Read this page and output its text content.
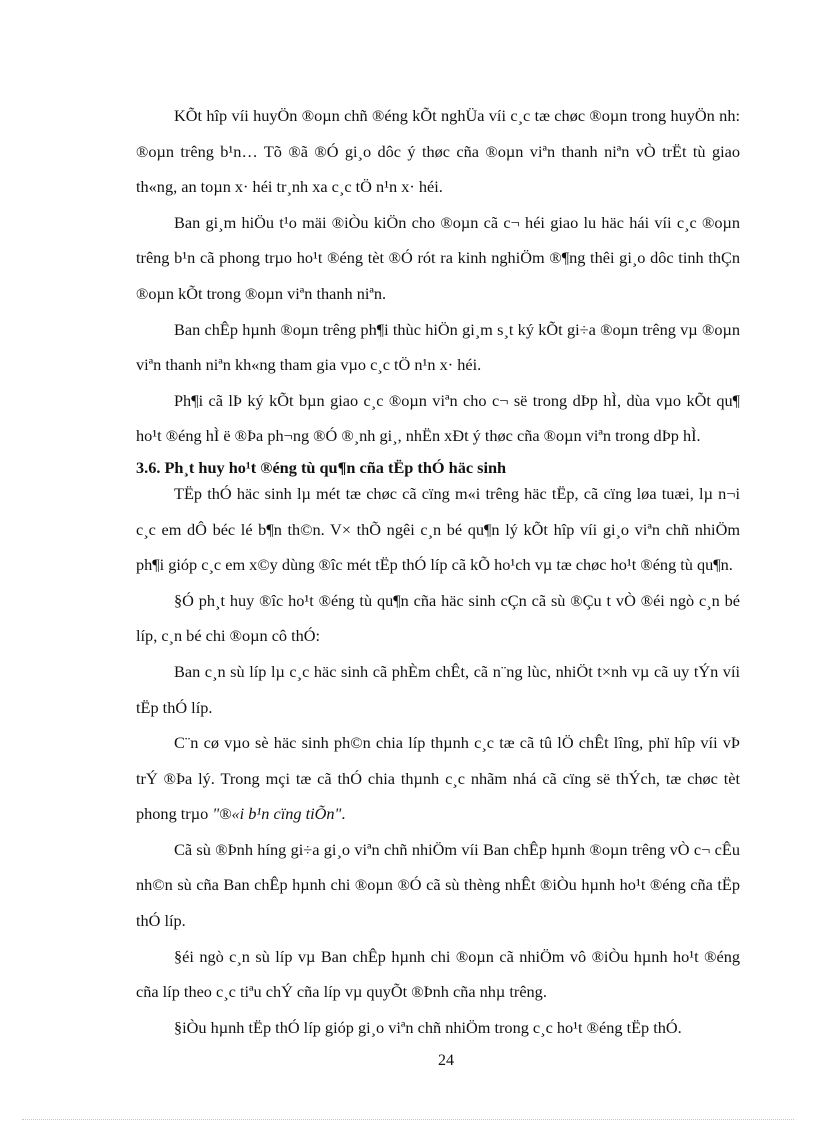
KÕt hîp víi huyÖn ®oµn chñ ®éng kÕt nghÜa víi c¸c tæ chøc ®oµn trong huyÖn nh: ®oµn trêng b¹n… Tõ ®ã ®Ó gi¸o dôc ý thøc cña ®oµn viªn thanh niªn vÒ trËt tù giao th«ng, an toµn x· héi tr¸nh xa c¸c tÖ n¹n x· héi.

Ban gi¸m hiÖu t¹o mäi ®iÒu kiÖn cho ®oµn cã c¬ héi giao lu häc hái víi c¸c ®oµn trêng b¹n cã phong trµo ho¹t ®éng tèt ®Ó rót ra kinh nghiÖm ®¶ng thêi gi¸o dôc tinh thÇn ®oµn kÕt trong ®oµn viªn thanh niªn.

Ban chÊp hµnh ®oµn trêng ph¶i thùc hiÖn gi¸m s¸t ký kÕt gi÷a ®oµn trêng vµ ®oµn viªn thanh niªn kh«ng tham gia vµo c¸c tÖ n¹n x· héi.

Ph¶i cã lÞ ký kÕt bµn giao c¸c ®oµn viªn cho c¬ së trong dÞp hÌ, dùa vµo kÕt qu¶ ho¹t ®éng hÌ ë ®Þa ph¬ng ®Ó ®¸nh gi¸, nhËn xÐt ý thøc cña ®oµn viªn trong dÞp hÌ.

3.6. Ph¸t huy ho¹t ®éng tù qu¶n cña tËp thÓ häc sinh

TËp thÓ häc sinh lµ mét tæ chøc cã cïng m«i trêng häc tËp, cã cïng løa tuæi, lµ n¬i c¸c em dÔ béc lé b¶n th©n. V× thÕ ngêi c¸n bé qu¶n lý kÕt hîp víi gi¸o viªn chñ nhiÖm ph¶i gióp c¸c em x©y dùng ®îc mét tËp thÓ líp cã kÕ ho¹ch vµ tæ chøc ho¹t ®éng tù qu¶n.

§Ó ph¸t huy ®îc ho¹t ®éng tù qu¶n cña häc sinh cÇn cã sù ®Çu t vÒ ®éi ngò c¸n bé líp, c¸n bé chi ®oµn cô thÓ:

Ban c¸n sù líp lµ c¸c häc sinh cã phÈm chÊt, cã n¨ng lùc, nhiÖt t×nh vµ cã uy tÝn víi tËp thÓ líp.

C¨n cø vµo sè häc sinh ph©n chia líp thµnh c¸c tæ cã tû lÖ chÊt lîng, phï hîp víi vÞ trÝ ®Þa lý. Trong mçi tæ cã thÓ chia thµnh c¸c nhãm nhá cã cïng së thÝch, tæ chøc tèt phong trµo "®«i b¹n cïng tiÕn".

Cã sù ®Þnh híng gi÷a gi¸o viªn chñ nhiÖm víi Ban chÊp hµnh ®oµn trêng vÒ c¬ cÊu nh©n sù cña Ban chÊp hµnh chi ®oµn ®Ó cã sù thèng nhÊt ®iÒu hµnh ho¹t ®éng cña tËp thÓ líp.

§éi ngò c¸n sù líp vµ Ban chÊp hµnh chi ®oµn cã nhiÖm vô ®iÒu hµnh ho¹t ®éng cña líp theo c¸c tiªu chÝ cña líp vµ quyÕt ®Þnh cña nhµ trêng.

§iÒu hµnh tËp thÓ líp gióp gi¸o viªn chñ nhiÖm trong c¸c ho¹t ®éng tËp thÓ.

24
